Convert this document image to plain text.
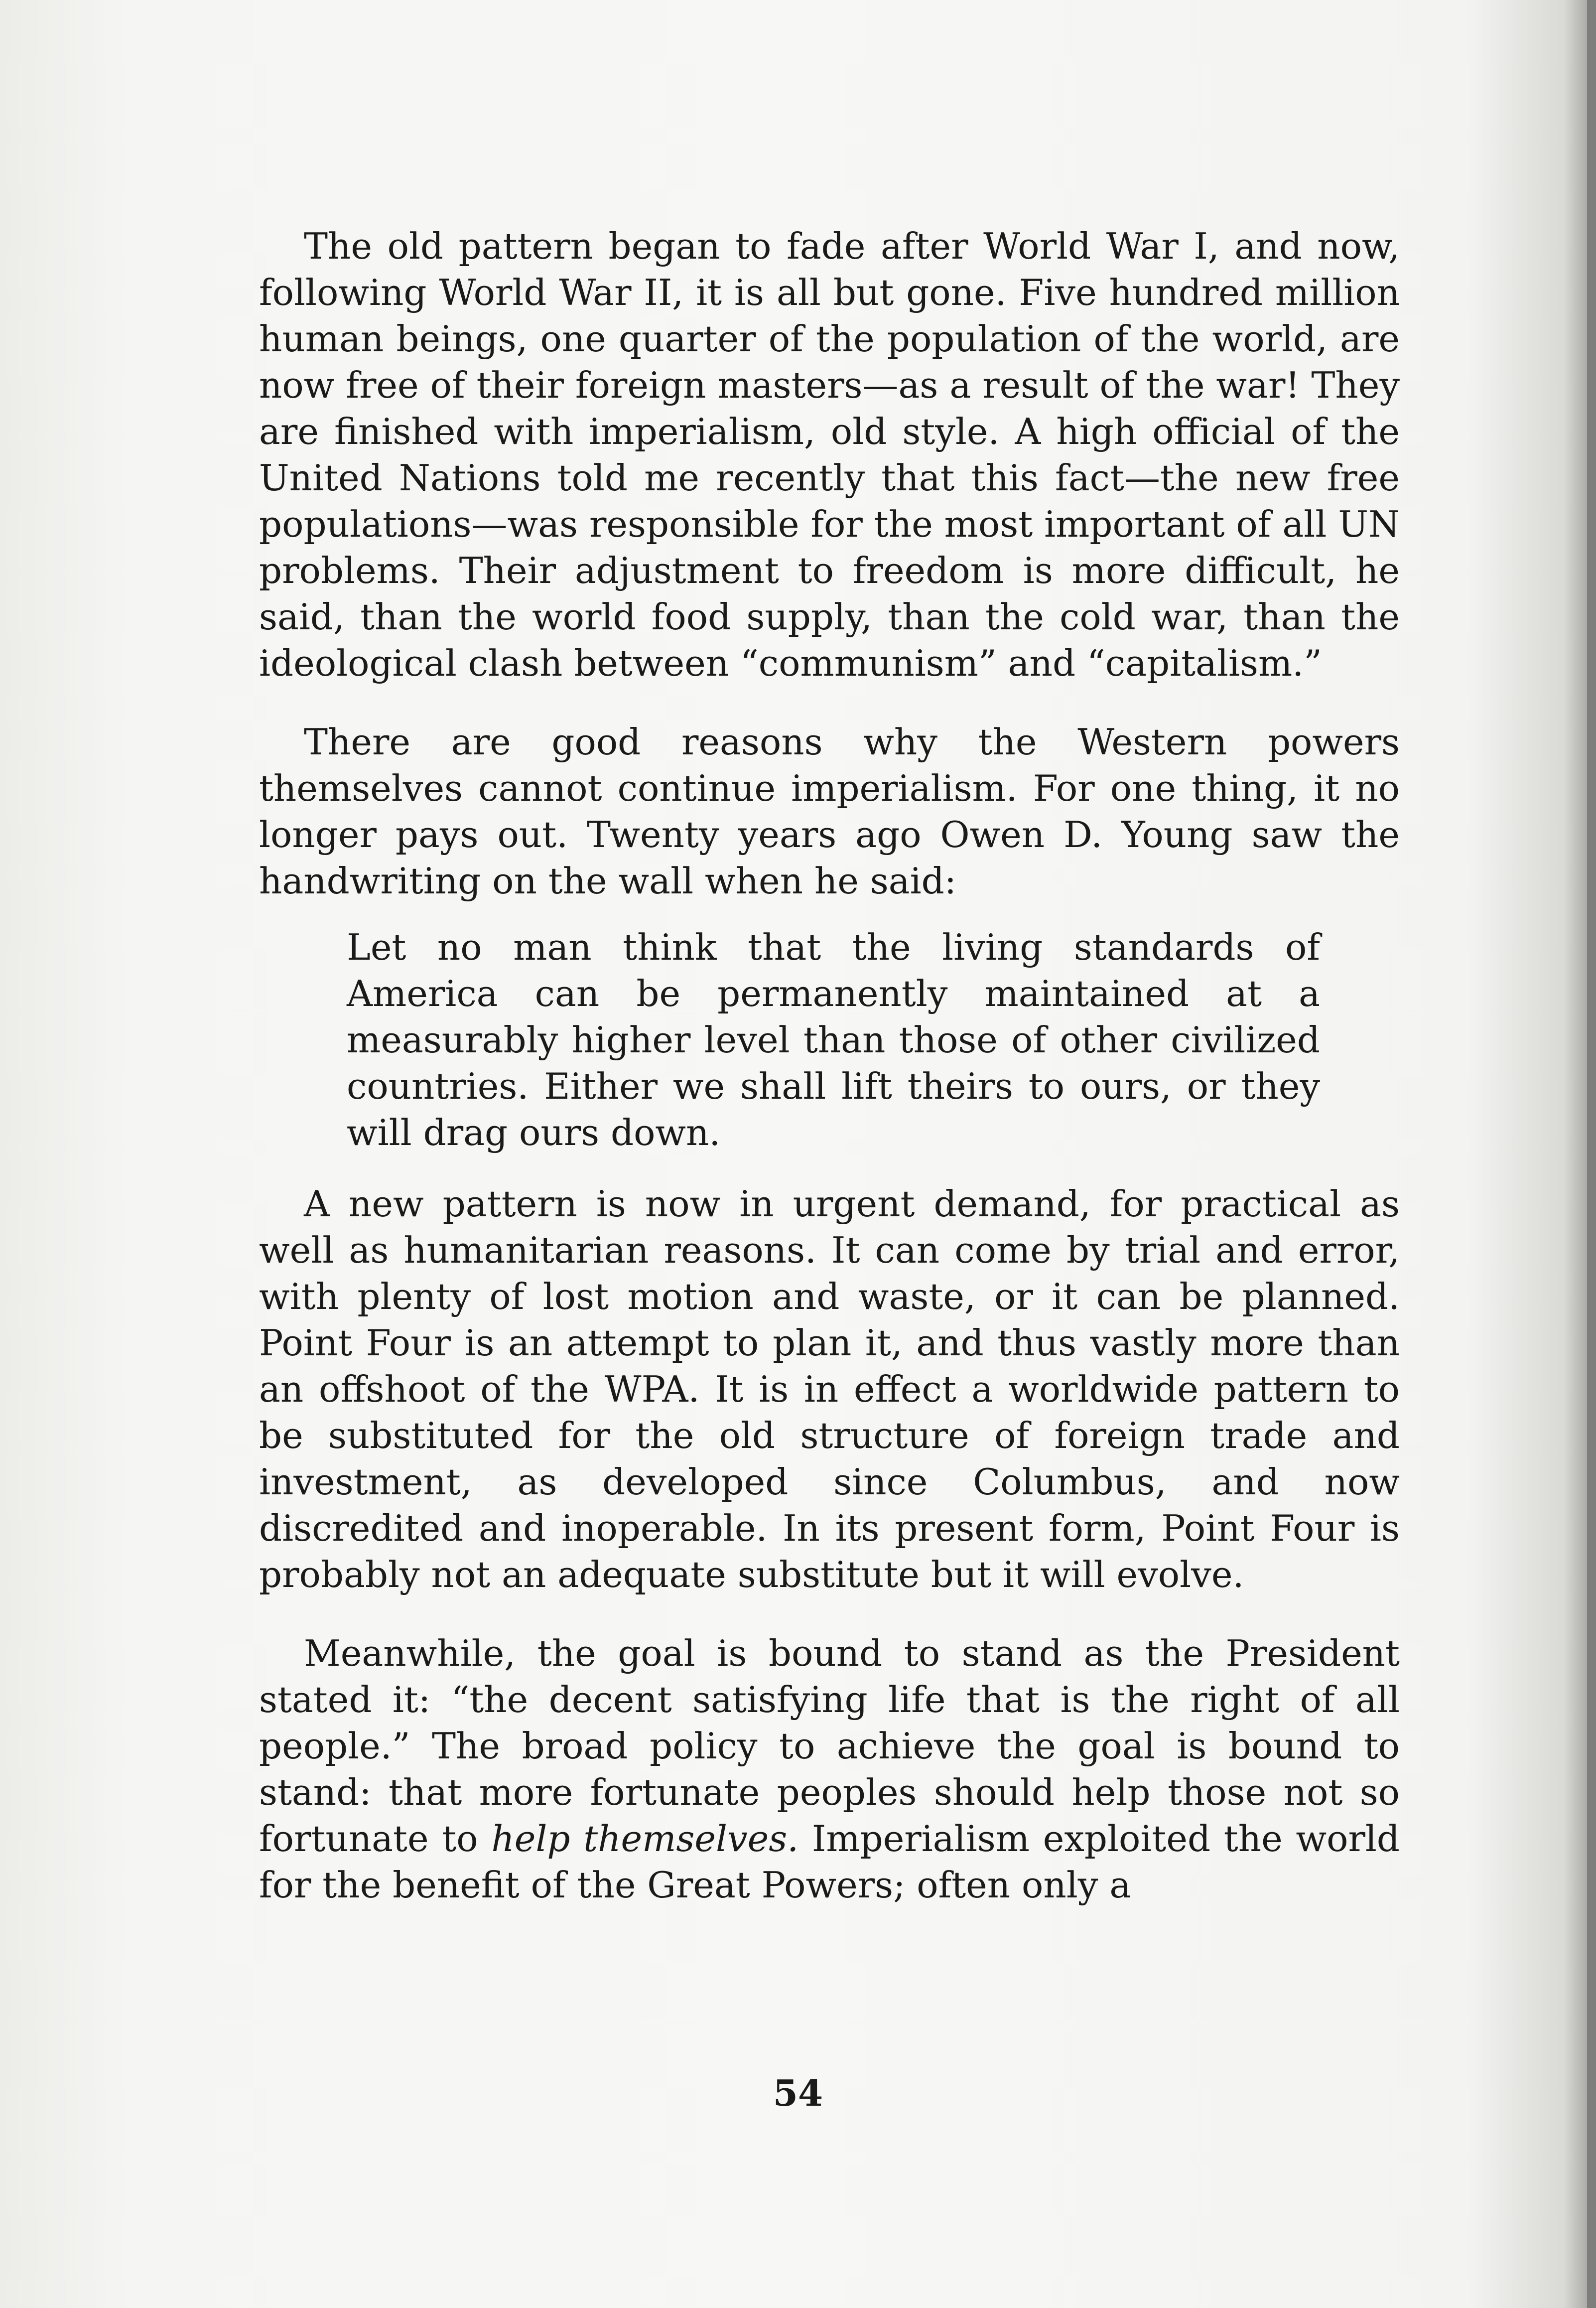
The old pattern began to fade after World War I, and now, following World War II, it is all but gone. Five hundred million human beings, one quarter of the population of the world, are now free of their foreign masters—as a result of the war! They are finished with imperialism, old style. A high official of the United Nations told me recently that this fact—the new free populations—was responsible for the most important of all UN problems. Their adjustment to freedom is more difficult, he said, than the world food supply, than the cold war, than the ideological clash between “communism” and “capitalism.”

There are good reasons why the Western powers themselves cannot continue imperialism. For one thing, it no longer pays out. Twenty years ago Owen D. Young saw the handwriting on the wall when he said:

Let no man think that the living standards of America can be permanently maintained at a measurably higher level than those of other civilized countries. Either we shall lift theirs to ours, or they will drag ours down.

A new pattern is now in urgent demand, for practical as well as humanitarian reasons. It can come by trial and error, with plenty of lost motion and waste, or it can be planned. Point Four is an attempt to plan it, and thus vastly more than an offshoot of the WPA. It is in effect a worldwide pattern to be substituted for the old structure of foreign trade and investment, as developed since Columbus, and now discredited and inoperable. In its present form, Point Four is probably not an adequate substitute but it will evolve.

Meanwhile, the goal is bound to stand as the President stated it: “the decent satisfying life that is the right of all people.” The broad policy to achieve the goal is bound to stand: that more fortunate peoples should help those not so fortunate to help themselves. Imperialism exploited the world for the benefit of the Great Powers; often only a

54
